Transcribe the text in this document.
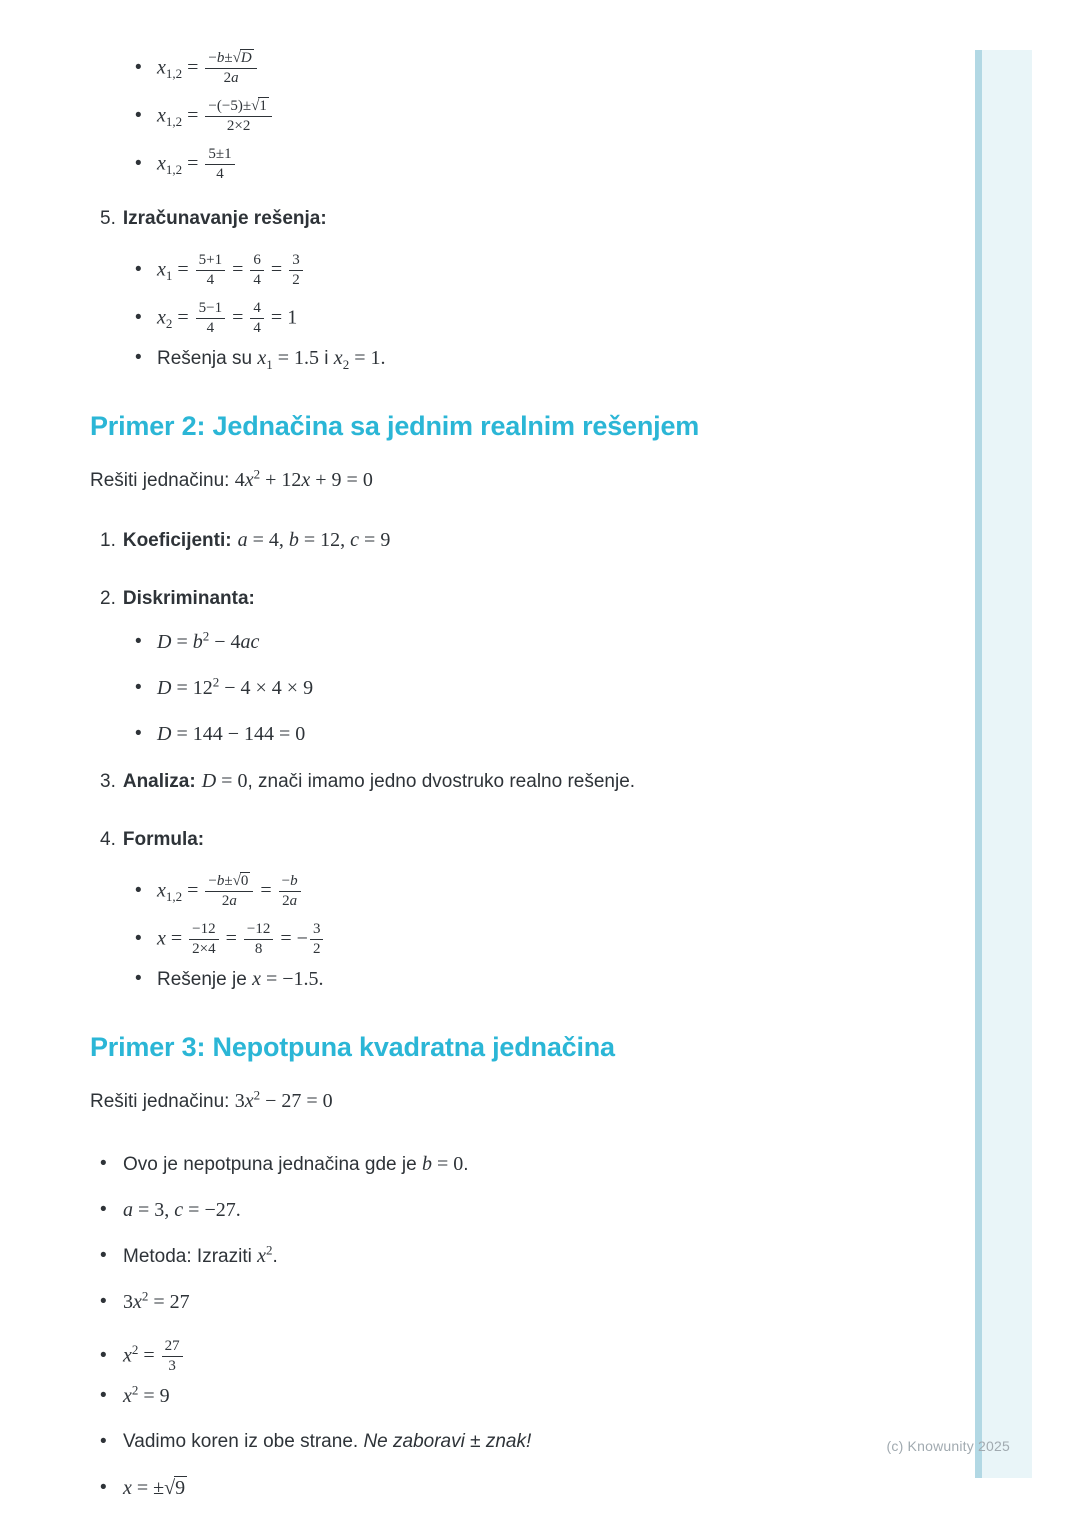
• $x_{1,2} = \frac{-b\pm√D}{2a}$
• $x_{1,2} = \frac{-(-5)\pm√1}{2\times 2}$
• $x_{1,2} = \frac{5\pm 1}{4}$
5. Izračunavanje rešenja:
• $x_1 = \frac{5+1}{4} = \frac{6}{4} = \frac{3}{2}$
• $x_2 = \frac{5-1}{4} = \frac{4}{4} = 1$
• Rešenja su $x_1 = 1.5$ i $x_2 = 1$.
Primer 2: Jednačina sa jednim realnim rešenjem

Rešiti jednačinu: $4x^2 + 12x + 9 = 0$

1. Koeficijenti: a = 4, b = 12, c = 9
2. Diskriminanta:
• $D = b^2 - 4ac$
• $D = 12^2 - 4 \times 4 \times 9$
• D = 144 − 144 = 0
3. Analiza: D = 0, znači imamo jedno dvostruko realno rešenje.
4. Formula:
• $x_{1,2} = \frac{-b\pm√0}{2a} = \frac{-b}{2a}$
• $x = \frac{-12}{2\times 4} = \frac{-12}{8}$ = − $\frac{3}{2}$
• Rešenje je x = −1.5.
Primer 3: Nepotpuna kvadratna jednačina

Rešiti jednačinu: $3x^2 - 27 = 0$

• Ovo je nepotpuna jednačina gde je b = 0.
• a = 3, c = −27.
• Metoda: Izraziti $x^2$.
• $3x^2 = 27$
• $x^2 = \frac{27}{3}$
• $x^2 = 9$
• Vadimo koren iz obe strane. Ne zaboravi ± znak!
• x = ±√9
(c) Knowunity 2025
